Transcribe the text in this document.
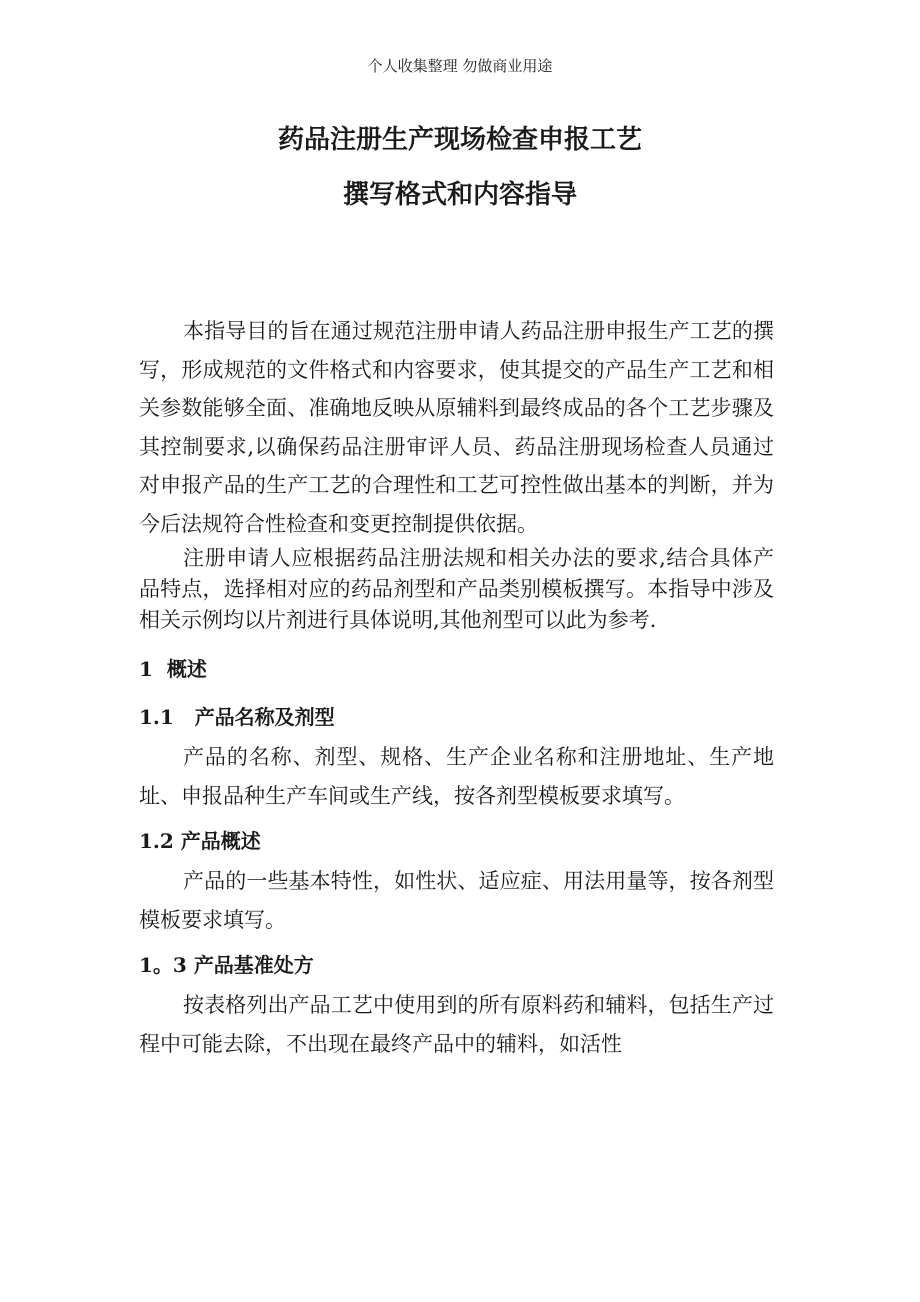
个人收集整理 勿做商业用途
药品注册生产现场检查申报工艺
撰写格式和内容指导

本指导目的旨在通过规范注册申请人药品注册申报生产工艺的撰写，形成规范的文件格式和内容要求，使其提交的产品生产工艺和相关参数能够全面、准确地反映从原辅料到最终成品的各个工艺步骤及其控制要求,以确保药品注册审评人员、药品注册现场检查人员通过对申报产品的生产工艺的合理性和工艺可控性做出基本的判断，并为今后法规符合性检查和变更控制提供依据。

注册申请人应根据药品注册法规和相关办法的要求,结合具体产品特点，选择相对应的药品剂型和产品类别模板撰写。本指导中涉及相关示例均以片剂进行具体说明,其他剂型可以此为参考.

1 概述

1.1 产品名称及剂型

产品的名称、剂型、规格、生产企业名称和注册地址、生产地址、申报品种生产车间或生产线，按各剂型模板要求填写。

1.2 产品概述

产品的一些基本特性，如性状、适应症、用法用量等，按各剂型模板要求填写。

1。3 产品基准处方

按表格列出产品工艺中使用到的所有原料药和辅料，包括生产过程中可能去除，不出现在最终产品中的辅料，如活性
